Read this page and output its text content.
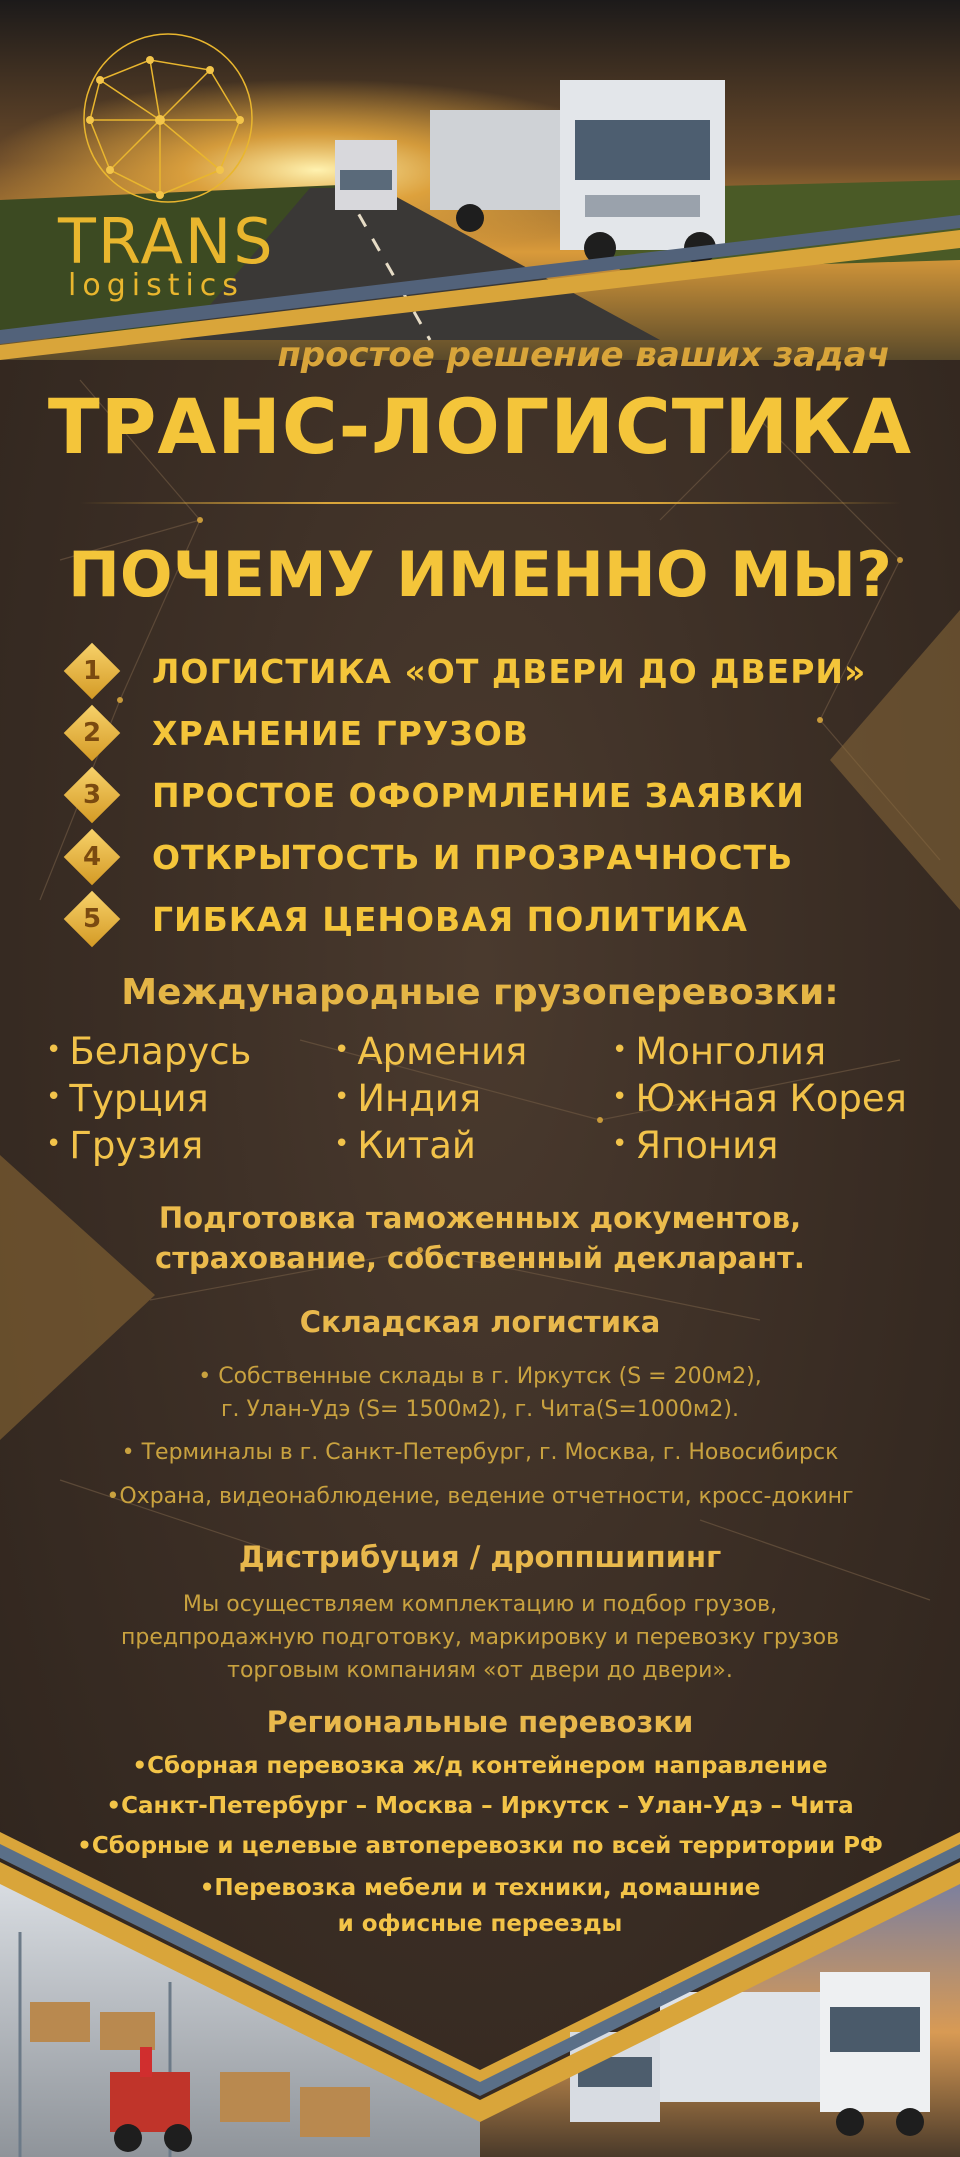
TRANS
logistics
простое решение ваших задач
ТРАНС-ЛОГИСТИКА
ПОЧЕМУ ИМЕННО МЫ?
1 ЛОГИСТИКА «ОТ ДВЕРИ ДО ДВЕРИ»
2 ХРАНЕНИЕ ГРУЗОВ
3 ПРОСТОЕ ОФОРМЛЕНИЕ ЗАЯВКИ
4 ОТКРЫТОСТЬ И ПРОЗРАЧНОСТЬ
5 ГИБКАЯ ЦЕНОВАЯ ПОЛИТИКА
Международные грузоперевозки:
• Беларусь
• Турция
• Грузия
• Армения
• Индия
• Китай
• Монголия
• Южная Корея
• Япония
Подготовка таможенных документов,
страхование, собственный декларант.
Складская логистика
• Собственные склады в г. Иркутск (S = 200м2),
г. Улан-Удэ (S= 1500м2), г. Чита(S=1000м2).
• Терминалы в г. Санкт-Петербург, г. Москва, г. Новосибирск
•Охрана, видеонаблюдение, ведение отчетности, кросс-докинг
Дистрибуция / дроппшипинг
Мы осуществляем комплектацию и подбор грузов,
предпродажную подготовку, маркировку и перевозку грузов
торговым компаниям «от двери до двери».
Региональные перевозки
•Сборная перевозка ж/д контейнером направление
•Санкт-Петербург – Москва – Иркутск – Улан-Удэ – Чита
•Сборные и целевые автоперевозки по всей территории РФ
•Перевозка мебели и техники, домашние
и офисные переезды
